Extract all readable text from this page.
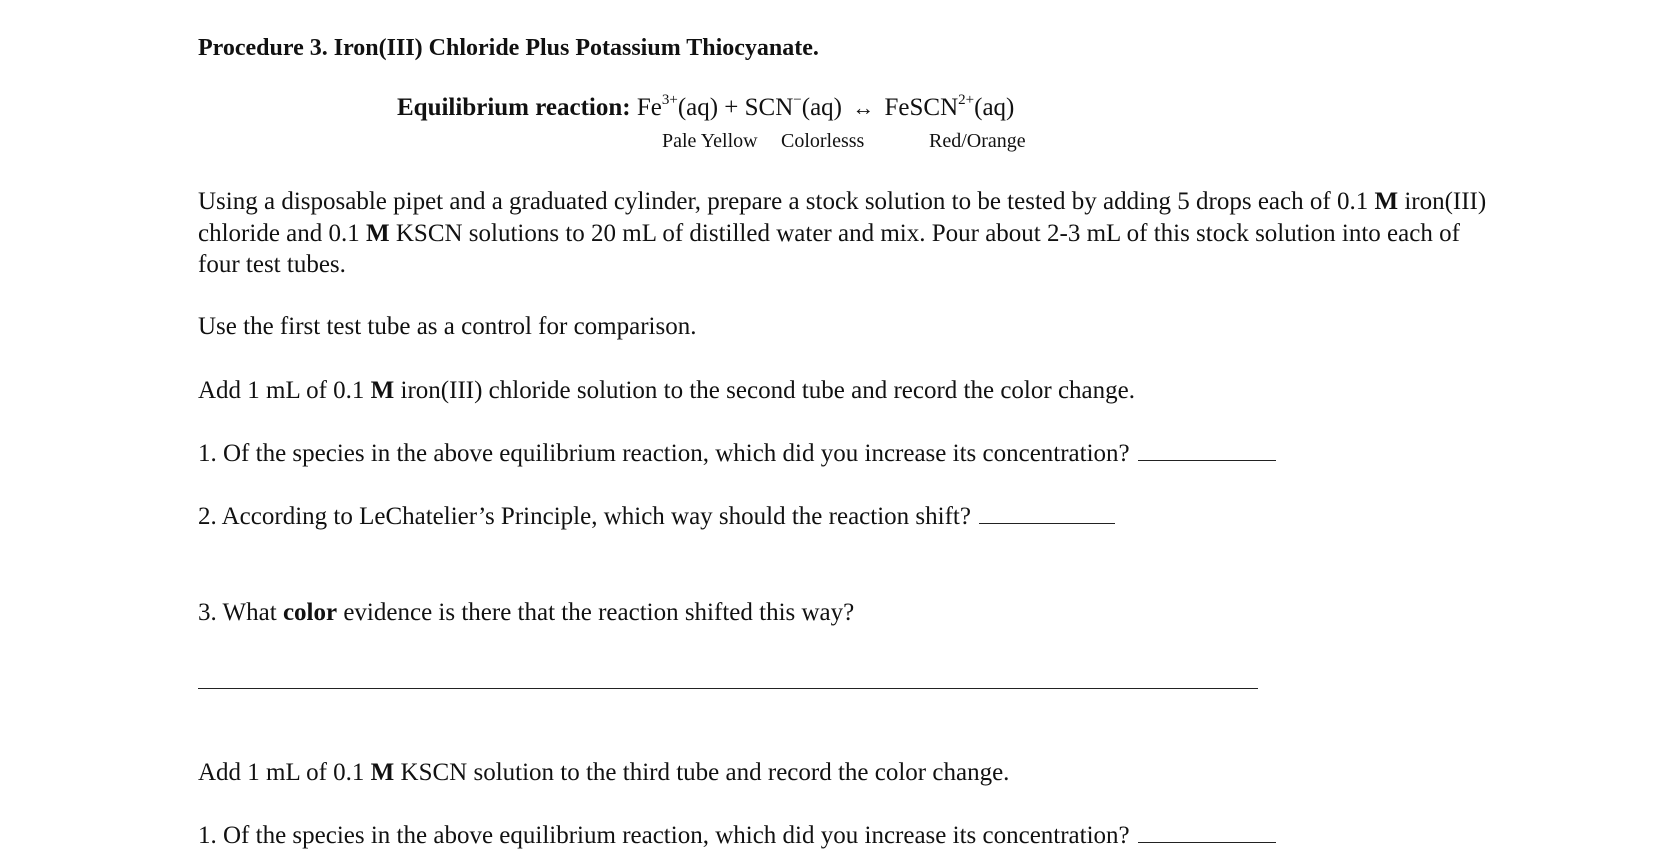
Procedure 3. Iron(III) Chloride Plus Potassium Thiocyanate.
Equilibrium reaction: $Fe^{3+}(aq) + SCN^-(aq)$ ↔ FeSCN$^{2+}$(aq)
Pale Yellow Colorlesss	Red/Orange
Using a disposable pipet and a graduated cylinder, prepare a stock solution to be tested by adding 5 drops each of 0.1 M iron(III) chloride and 0.1 M KSCN solutions to 20 mL of distilled water and mix. Pour about 2-3 mL of this stock solution into each of four test tubes.
Use the first test tube as a control for comparison.
Add 1 mL of 0.1 M iron(III) chloride solution to the second tube and record the color change.
1. Of the species in the above equilibrium reaction, which did you increase its concentration?
2. According to LeChatelier’s Principle, which way should the reaction shift?
3. What color evidence is there that the reaction shifted this way?
Add 1 mL of 0.1 M KSCN solution to the third tube and record the color change.
1. Of the species in the above equilibrium reaction, which did you increase its concentration?
